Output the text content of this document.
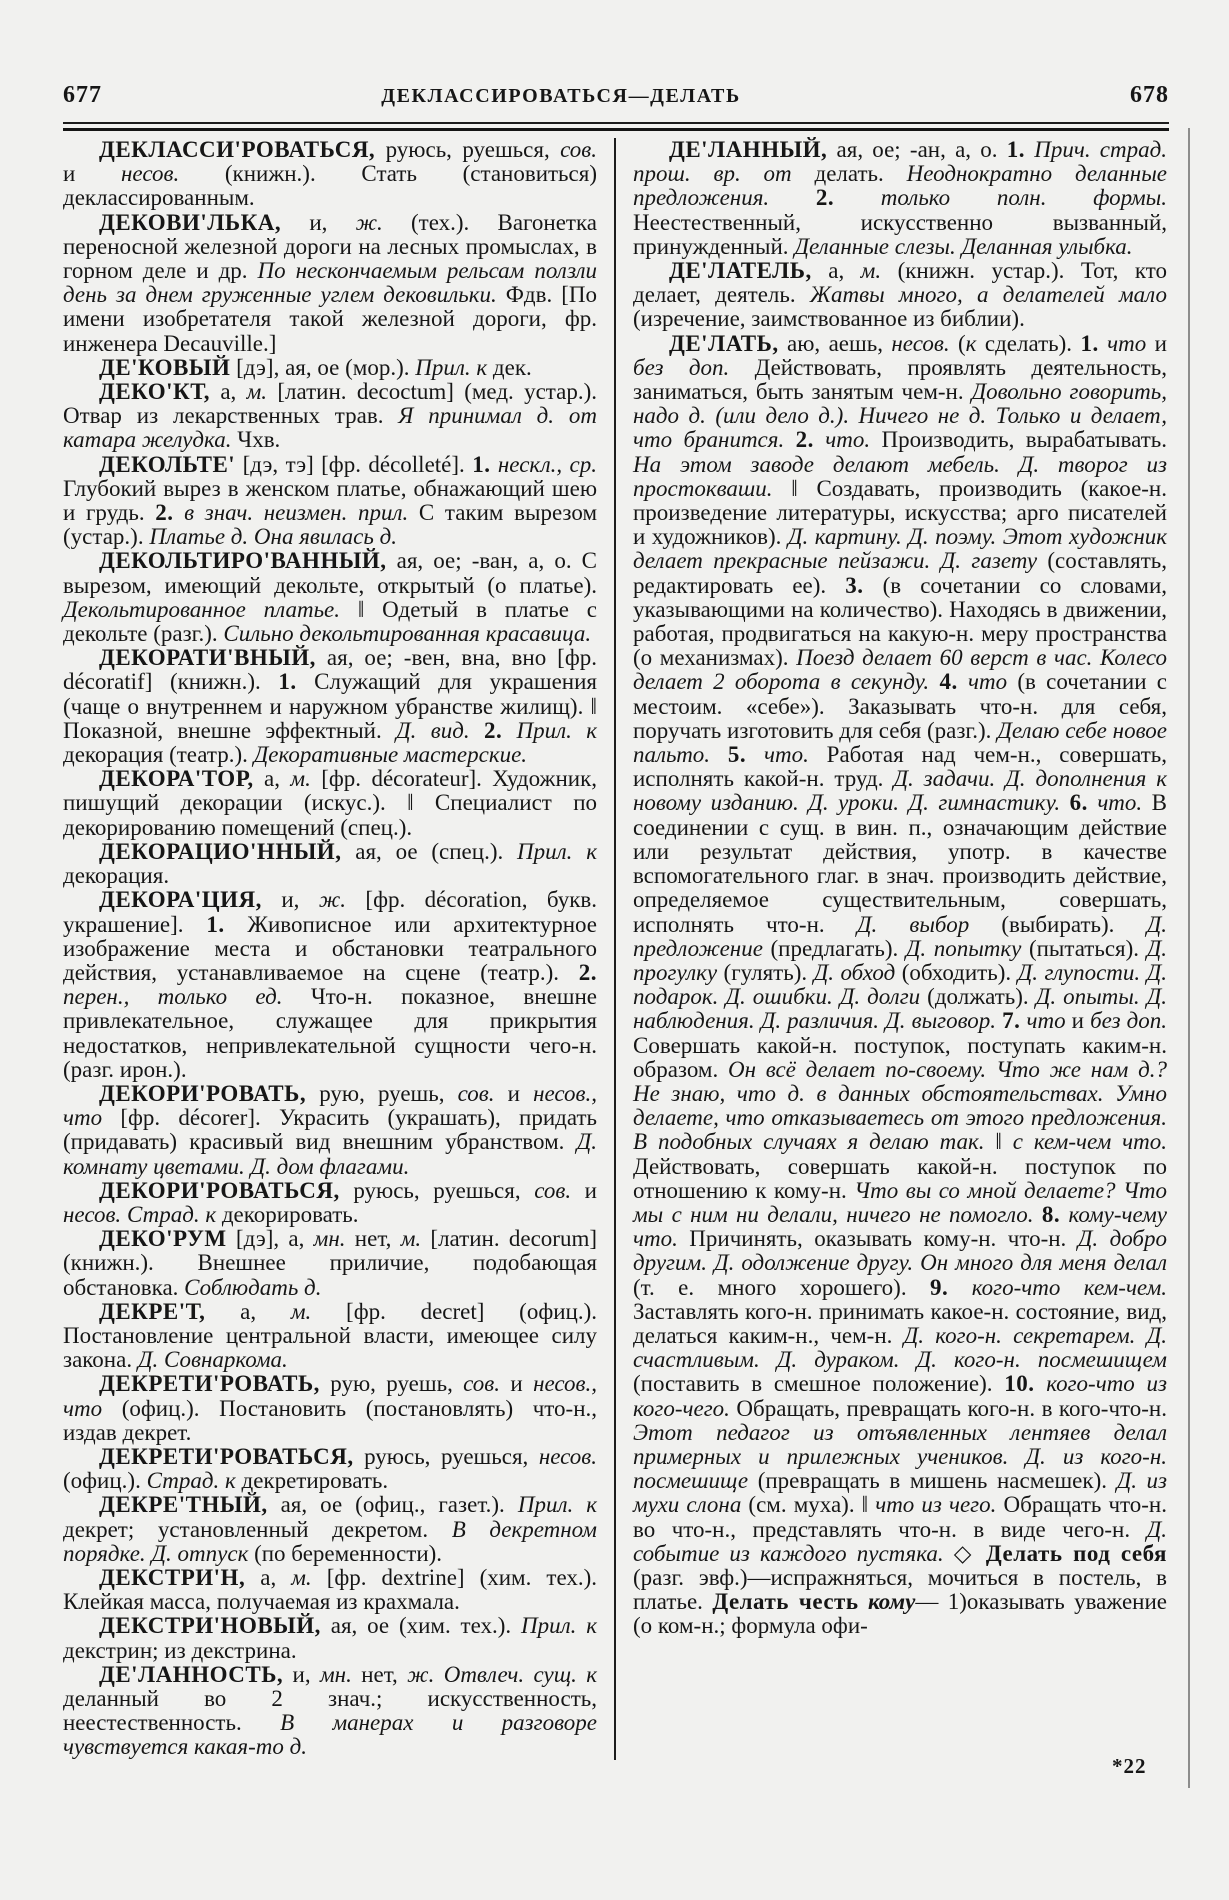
677	ДЕКЛАССИРОВАТЬСЯ—ДЕЛАТЬ	678

ДЕКЛАССИ'РОВАТЬСЯ, руюсь, руешься, сов. и несов. (книжн.). Стать (становиться) деклассированным.

ДЕКОВИ'ЛЬКА, и, ж. (тех.). Вагонетка переносной железной дороги на лесных промыслах, в горном деле и др. По нескончаемым рельсам ползли день за днем груженные углем дековильки. Фдв. [По имени изобретателя такой железной дороги, фр. инженера Decauville.]

ДЕ'КОВЫЙ [дэ], ая, ое (мор.). Прил. к дек.

ДЕКО'КТ, а, м. [латин. decoctum] (мед. устар.). Отвар из лекарственных трав. Я принимал д. от катара желудка. Чхв.

ДЕКОЛЬТЕ' [дэ, тэ] [фр. décolleté]. 1. нескл., ср. Глубокий вырез в женском платье, обнажающий шею и грудь. 2. в знач. неизмен. прил. С таким вырезом (устар.). Платье д. Она явилась д.

ДЕКОЛЬТИРО'ВАННЫЙ, ая, ое; -ван, а, о. С вырезом, имеющий декольте, открытый (о платье). Декольтированное платье. ‖ Одетый в платье с декольте (разг.). Сильно декольтированная красавица.

ДЕКОРАТИ'ВНЫЙ, ая, ое; -вен, вна, вно [фр. décoratif] (книжн.). 1. Служащий для украшения (чаще о внутреннем и наружном убранстве жилищ). ‖ Показной, внешне эффектный. Д. вид. 2. Прил. к декорация (театр.). Декоративные мастерские.

ДЕКОРА'ТОР, а, м. [фр. décorateur]. Художник, пишущий декорации (искус.). ‖ Специалист по декорированию помещений (спец.).

ДЕКОРАЦИО'ННЫЙ, ая, ое (спец.). Прил. к декорация.

ДЕКОРА'ЦИЯ, и, ж. [фр. décoration, букв. украшение]. 1. Живописное или архитектурное изображение места и обстановки театрального действия, устанавливаемое на сцене (театр.). 2. перен., только ед. Что-н. показное, внешне привлекательное, служащее для прикрытия недостатков, непривлекательной сущности чего-н. (разг. ирон.).

ДЕКОРИ'РОВАТЬ, рую, руешь, сов. и несов., что [фр. décorer]. Украсить (украшать), придать (придавать) красивый вид внешним убранством. Д. комнату цветами. Д. дом флагами.

ДЕКОРИ'РОВАТЬСЯ, руюсь, руешься, сов. и несов. Страд. к декорировать.

ДЕКО'РУМ [дэ], а, мн. нет, м. [латин. decorum] (книжн.). Внешнее приличие, подобающая обстановка. Соблюдать д.

ДЕКРЕ'Т, а, м. [фр. decret] (офиц.). Постановление центральной власти, имеющее силу закона. Д. Совнаркома.

ДЕКРЕТИ'РОВАТЬ, рую, руешь, сов. и несов., что (офиц.). Постановить (постановлять) что-н., издав декрет.

ДЕКРЕТИ'РОВАТЬСЯ, руюсь, руешься, несов. (офиц.). Страд. к декретировать.

ДЕКРЕ'ТНЫЙ, ая, ое (офиц., газет.). Прил. к декрет; установленный декретом. В декретном порядке. Д. отпуск (по беременности).

ДЕКСТРИ'Н, а, м. [фр. dextrine] (хим. тех.). Клейкая масса, получаемая из крахмала.

ДЕКСТРИ'НОВЫЙ, ая, ое (хим. тех.). Прил. к декстрин; из декстрина.

ДЕ'ЛАННОСТЬ, и, мн. нет, ж. Отвлеч. сущ. к деланный во 2 знач.; искусственность, неестественность. В манерах и разговоре чувствуется какая-то д.

ДЕ'ЛАННЫЙ, ая, ое; -ан, а, о. 1. Прич. страд. прош. вр. от делать. Неоднократно деланные предложения. 2. только полн. формы. Неестественный, искусственно вызванный, принужденный. Деланные слезы. Деланная улыбка.

ДЕ'ЛАТЕЛЬ, а, м. (книжн. устар.). Тот, кто делает, деятель. Жатвы много, а делателей мало (изречение, заимствованное из библии).

ДЕ'ЛАТЬ, аю, аешь, несов. (к сделать). 1. что и без доп. Действовать, проявлять деятельность, заниматься, быть занятым чем-н. Довольно говорить, надо д. (или дело д.). Ничего не д. Только и делает, что бранится. 2. что. Производить, вырабатывать. На этом заводе делают мебель. Д. творог из простокваши. ‖ Создавать, производить (какое-н. произведение литературы, искусства; арго писателей и художников). Д. картину. Д. поэму. Этот художник делает прекрасные пейзажи. Д. газету (составлять, редактировать ее). 3. (в сочетании со словами, указывающими на количество). Находясь в движении, работая, продвигаться на какую-н. меру пространства (о механизмах). Поезд делает 60 верст в час. Колесо делает 2 оборота в секунду. 4. что (в сочетании с местоим. «себе»). Заказывать что-н. для себя, поручать изготовить для себя (разг.). Делаю себе новое пальто. 5. что. Работая над чем-н., совершать, исполнять какой-н. труд. Д. задачи. Д. дополнения к новому изданию. Д. уроки. Д. гимнастику. 6. что. В соединении с сущ. в вин. п., означающим действие или результат действия, употр. в качестве вспомогательного глаг. в знач. производить действие, определяемое существительным, совершать, исполнять что-н. Д. выбор (выбирать). Д. предложение (предлагать). Д. попытку (пытаться). Д. прогулку (гулять). Д. обход (обходить). Д. глупости. Д. подарок. Д. ошибки. Д. долги (должать). Д. опыты. Д. наблюдения. Д. различия. Д. выговор. 7. что и без доп. Совершать какой-н. поступок, поступать каким-н. образом. Он всё делает по-своему. Что же нам д.? Не знаю, что д. в данных обстоятельствах. Умно делаете, что отказываетесь от этого предложения. В подобных случаях я делаю так. ‖ с кем-чем что. Действовать, совершать какой-н. поступок по отношению к кому-н. Что вы со мной делаете? Что мы с ним ни делали, ничего не помогло. 8. кому-чему что. Причинять, оказывать кому-н. что-н. Д. добро другим. Д. одолжение другу. Он много для меня делал (т. е. много хорошего). 9. кого-что кем-чем. Заставлять кого-н. принимать какое-н. состояние, вид, делаться каким-н., чем-н. Д. кого-н. секретарем. Д. счастливым. Д. дураком. Д. кого-н. посмешищем (поставить в смешное положение). 10. кого-что из кого-чего. Обращать, превращать кого-н. в кого-что-н. Этот педагог из отъявленных лентяев делал примерных и прилежных учеников. Д. из кого-н. посмешище (превращать в мишень насмешек). Д. из мухи слона (см. муха). ‖ что из чего. Обращать что-н. во что-н., представлять что-н. в виде чего-н. Д. событие из каждого пустяка. ◇ Делать под себя (разг. эвф.)—испражняться, мочиться в постель, в платье. Делать честь кому— 1)оказывать уважение (о ком-н.; формула офи-

*22
